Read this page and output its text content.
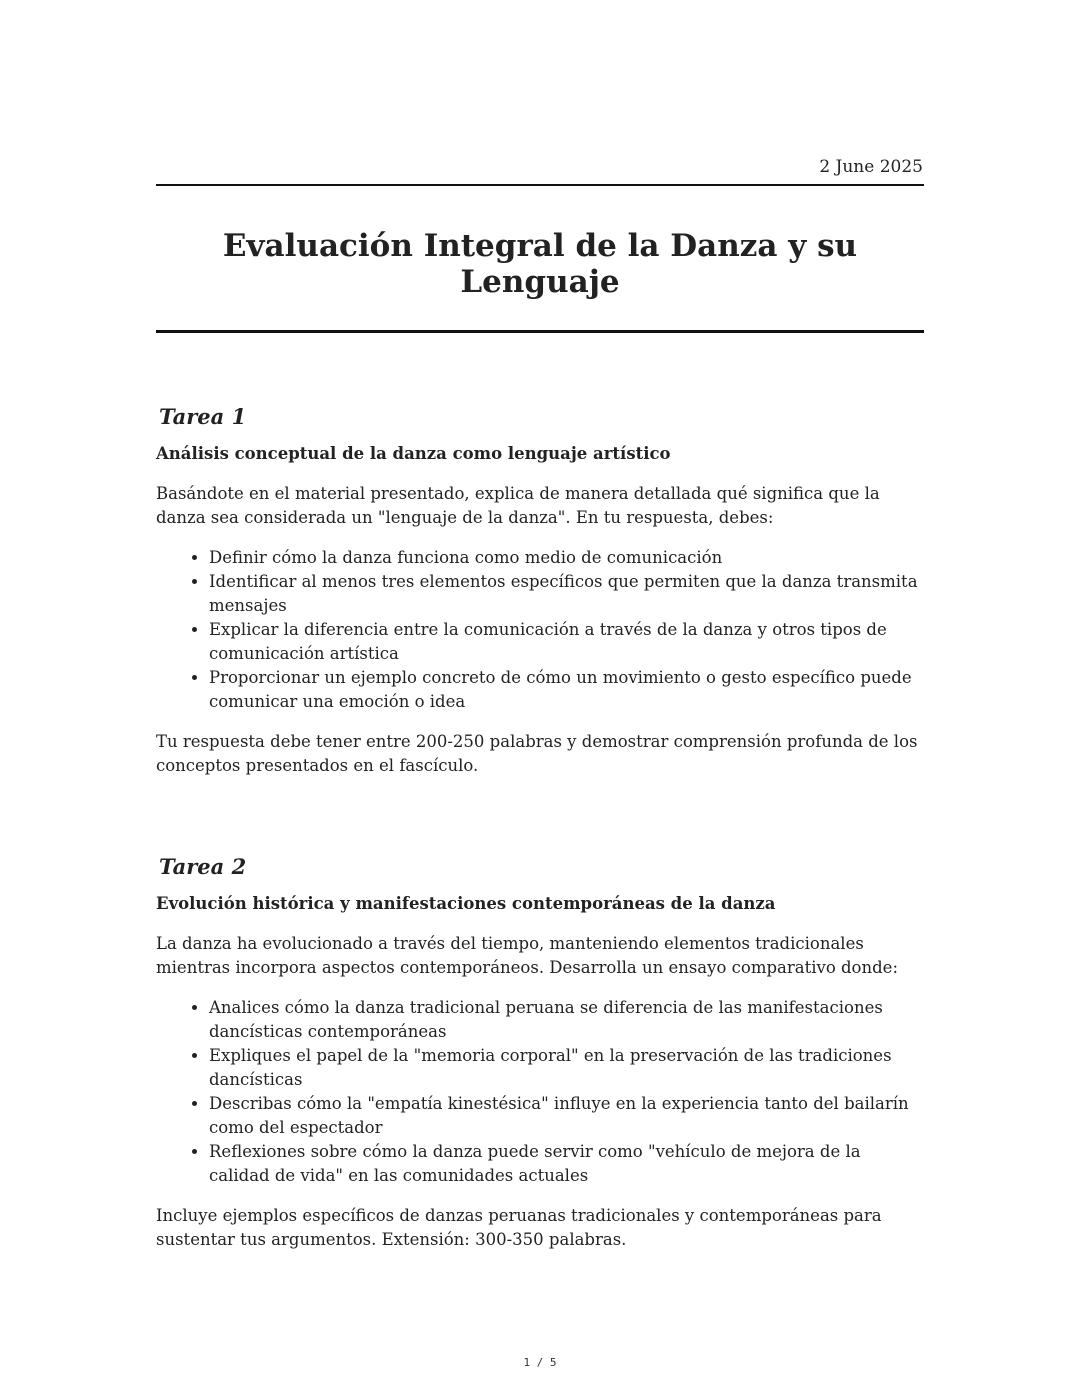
2 June 2025
Evaluación Integral de la Danza y su Lenguaje
Tarea 1

Análisis conceptual de la danza como lenguaje artístico

Basándote en el material presentado, explica de manera detallada qué significa que la danza sea considerada un "lenguaje de la danza". En tu respuesta, debes:

• Definir cómo la danza funciona como medio de comunicación
• Identificar al menos tres elementos específicos que permiten que la danza transmita mensajes
• Explicar la diferencia entre la comunicación a través de la danza y otros tipos de comunicación artística
• Proporcionar un ejemplo concreto de cómo un movimiento o gesto específico puede comunicar una emoción o idea

Tu respuesta debe tener entre 200-250 palabras y demostrar comprensión profunda de los conceptos presentados en el fascículo.

Tarea 2

Evolución histórica y manifestaciones contemporáneas de la danza

La danza ha evolucionado a través del tiempo, manteniendo elementos tradicionales mientras incorpora aspectos contemporáneos. Desarrolla un ensayo comparativo donde:

• Analices cómo la danza tradicional peruana se diferencia de las manifestaciones dancísticas contemporáneas
• Expliques el papel de la "memoria corporal" en la preservación de las tradiciones dancísticas
• Describas cómo la "empatía kinestésica" influye en la experiencia tanto del bailarín como del espectador
• Reflexiones sobre cómo la danza puede servir como "vehículo de mejora de la calidad de vida" en las comunidades actuales

Incluye ejemplos específicos de danzas peruanas tradicionales y contemporáneas para sustentar tus argumentos. Extensión: 300-350 palabras.

1 / 5
